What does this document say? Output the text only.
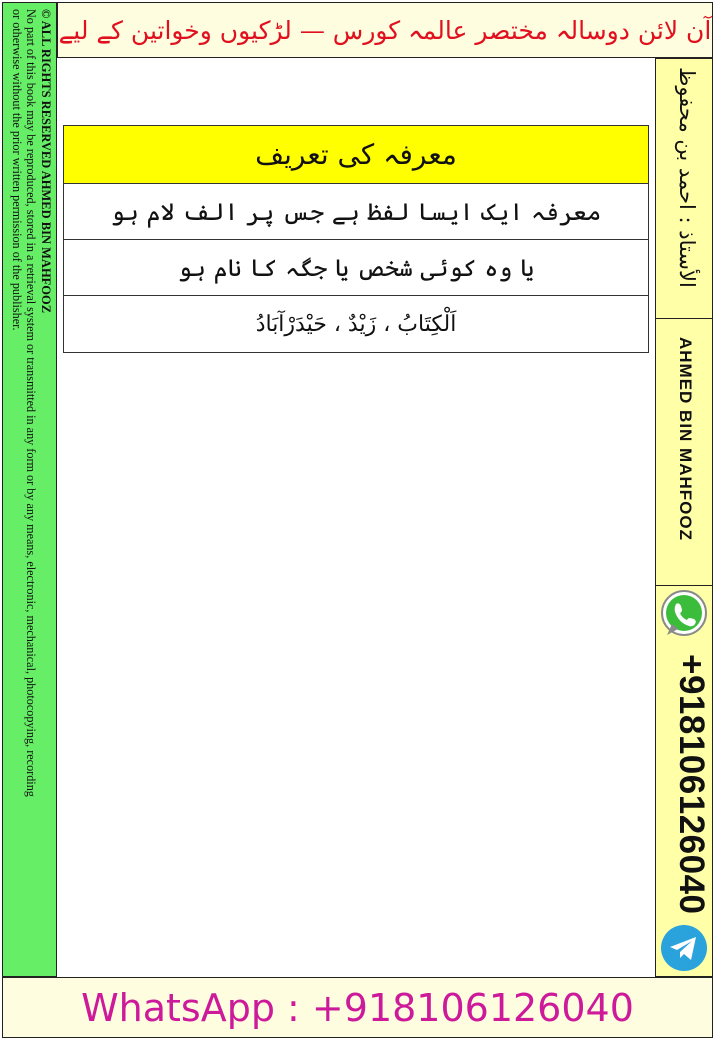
آن لائن دوسالہ مختصر عالمہ کورس — لڑکیوں وخواتین کے لیے
© ALL RIGHTS RESERVED AHMED BIN MAHFOOZ
No part of this book may be reproduced, stored in a retrieval system or transmitted in any form or by any means, electronic, mechanical, photocopying, recording
or otherwise without the prior written permission of the publisher.	الأستاذ : احمد بن محفوظ
AHMED BIN MAHFOOZ
+918106126040
معرفہ کی تعریف
معرفہ ایک ایسا لفظ ہے جس پر الف لام ہو
یا وہ کوئی شخص یا جگہ کا نام ہو
اَلْکِتَابُ ، زَیْدٌ ، حَیْدَرْآبَادُ
WhatsApp : +918106126040
